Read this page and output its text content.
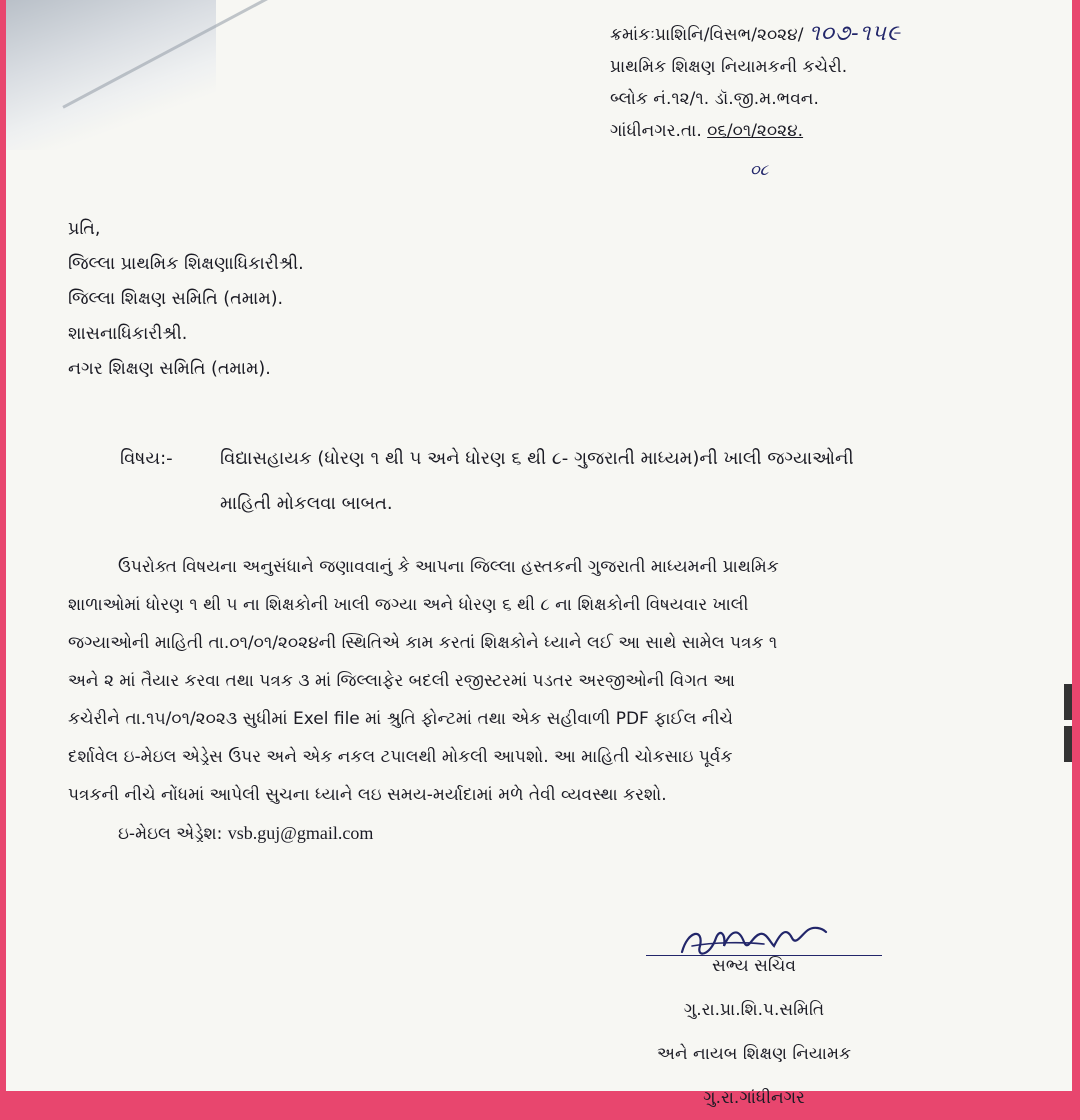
ક્રમાંકઃપ્રાશિનિ/વિસભ/૨૦૨૪/ ૧૦૭-૧૫૯
પ્રાથમિક શિક્ષણ નિયામકની કચેરી.
બ્લોક નં.૧૨/૧. ડૉ.જી.મ.ભવન.
ગાંધીનગર.તા. ૦૬/૦૧/૨૦૨૪.
૦૮
પ્રતિ,
જિલ્લા પ્રાથમિક શિક્ષણાધિકારીશ્રી.
જિલ્લા શિક્ષણ સમિતિ (તમામ).
શાસનાધિકારીશ્રી.
નગર શિક્ષણ સમિતિ (તમામ).
વિષય:-	વિદ્યાસહાયક (ધોરણ ૧ થી ૫ અને ધોરણ ૬ થી ૮- ગુજરાતી માધ્યમ)ની ખાલી જગ્યાઓની
માહિતી મોકલવા બાબત.
ઉપરોક્ત વિષયના અનુસંધાને જણાવવાનું કે આપના જિલ્લા હસ્તકની ગુજરાતી માધ્યમની પ્રાથમિક
શાળાઓમાં ધોરણ ૧ થી ૫ ના શિક્ષકોની ખાલી જગ્યા અને ધોરણ ૬ થી ૮ ના શિક્ષકોની વિષયવાર ખાલી
જગ્યાઓની માહિતી તા.૦૧/૦૧/૨૦૨૪ની સ્થિતિએ કામ કરતાં શિક્ષકોને ધ્યાને લઈ આ સાથે સામેલ પત્રક ૧
અને ૨ માં તૈયાર કરવા તથા પત્રક ૩ માં જિલ્લાફેર બદલી રજીસ્ટરમાં પડતર અરજીઓની વિગત આ
કચેરીને તા.૧૫/૦૧/૨૦૨૩ સુધીમાં Exel file માં શ્રુતિ ફોન્ટમાં તથા એક સહીવાળી PDF ફાઈલ નીચે
દર્શાવેલ ઇ-મેઇલ એડ્રેસ ઉપર અને એક નકલ ટપાલથી મોકલી આપશો. આ માહિતી ચોકસાઇ પૂર્વક
પત્રકની નીચે નોંધમાં આપેલી સુચના ધ્યાને લઇ સમય-મર્યાદામાં મળે તેવી વ્યવસ્થા કરશો.
ઇ-મેઇલ એડ્રેશ: vsb.guj@gmail.com
સભ્ય સચિવ
ગુ.રા.પ્રા.શિ.પ.સમિતિ
અને નાયબ શિક્ષણ નિયામક
ગુ.રા.ગાંધીનગર
